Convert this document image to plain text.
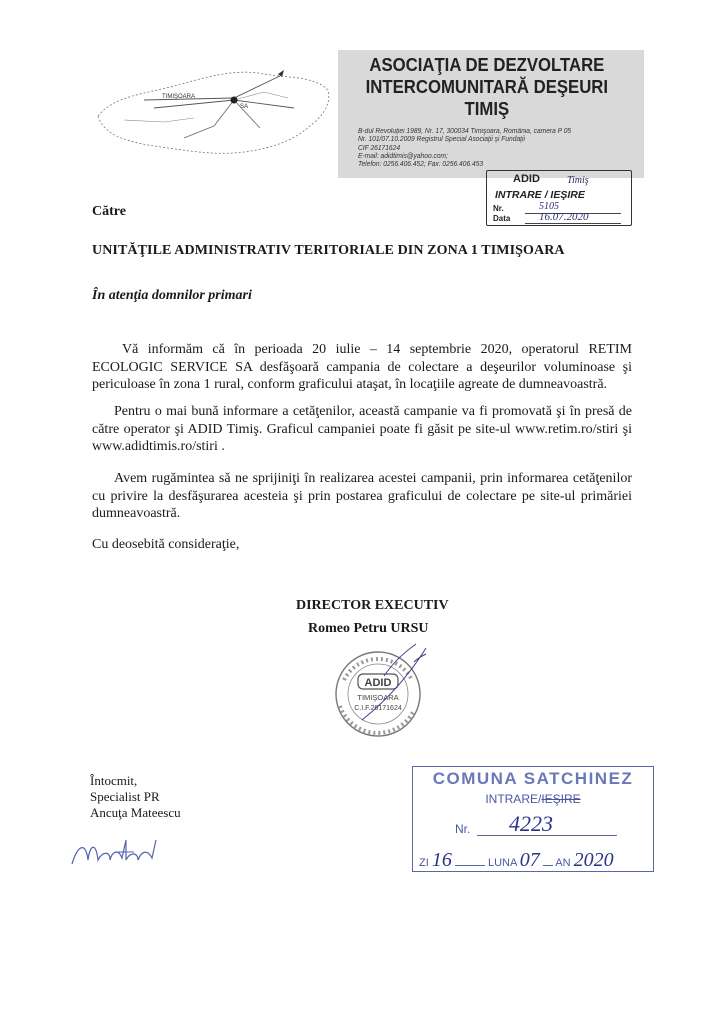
TIMIŞOARA
SA
ASOCIAŢIA DE DEZVOLTARE
INTERCOMUNITARĂ DEŞEURI
TIMIŞ
B-dul Revoluţiei 1989, Nr. 17, 300034 Timişoara, România, camera P 05
Nr. 101/07.10.2009 Registrul Special Asociaţii şi Fundaţii
CIF 26171624
E-mail: adidtimis@yahoo.com;
Telefon: 0256.406.452; Fax: 0256.406.453
ADID	Timiş
INTRARE / IEŞIRE
Nr.	5105
Data	16.07.2020
Către
UNITĂŢILE ADMINISTRATIV TERITORIALE DIN ZONA 1 TIMIŞOARA
În atenţia domnilor primari
Vă informăm că în perioada 20 iulie – 14 septembrie 2020, operatorul RETIM ECOLOGIC SERVICE SA desfăşoară campania de colectare a deşeurilor voluminoase şi periculoase în zona 1 rural, conform graficului ataşat, în locaţiile agreate de dumneavoastră.
Pentru o mai bună informare a cetăţenilor, această campanie va fi promovată şi în presă de către operator şi ADID Timiş. Graficul campaniei poate fi găsit pe site-ul www.retim.ro/stiri şi www.adidtimis.ro/stiri .
Avem rugămintea să ne sprijiniţi în realizarea acestei campanii, prin informarea cetăţenilor cu privire la desfăşurarea acesteia şi prin postarea graficului de colectare pe site-ul primăriei dumneavoastră.
Cu deosebită consideraţie,
DIRECTOR EXECUTIV
Romeo Petru URSU
ADID
TIMIŞOARA
C.I.F.26171624
Întocmit,
Specialist PR
Ancuţa Mateescu
COMUNA SATCHINEZ
INTRARE/IEŞIRE
Nr. 4223
ZI 16	LUNA 07 AN 2020
